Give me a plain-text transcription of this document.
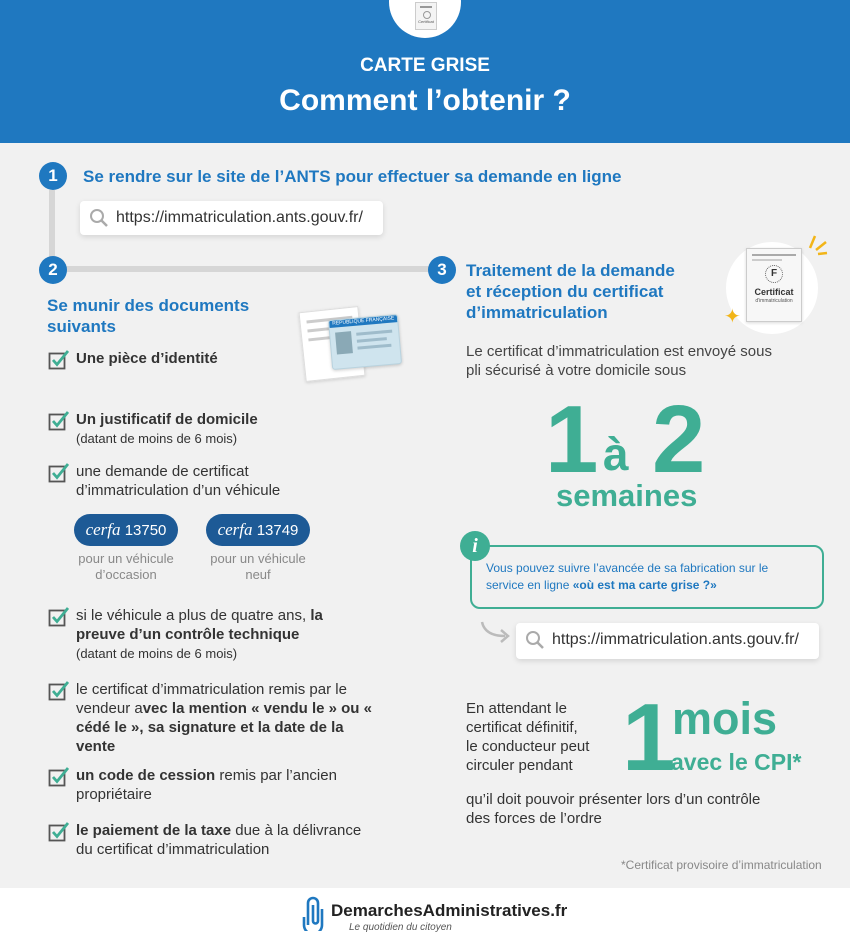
Certificat
CARTE GRISE
Comment l’obtenir ?
1	Se rendre sur le site de l’ANTS pour effectuer sa demande en ligne
https://immatriculation.ants.gouv.fr/
2
Se munir des documents
suivants	REPUBLIQUE FRANÇAISE
Une pièce d’identité
Un justificatif de domicile
(datant de moins de 6 mois)
une demande de certificat
d’immatriculation d’un véhicule
cerfa 13750
pour un véhicule
d’occasion
cerfa 13749
pour un véhicule
neuf
si le véhicule a plus de quatre ans, la
preuve d’un contrôle technique
(datant de moins de 6 mois)
le certificat d’immatriculation remis par le
vendeur avec la mention « vendu le » ou «
cédé le », sa signature et la date de la
vente
un code de cession remis par l’ancien
propriétaire
le paiement de la taxe due à la délivrance
du certificat d’immatriculation
3	Traitement de la demande
et réception du certificat
d’immatriculation
F
Certificat
d'immatriculation
✦
Le certificat d’immatriculation est envoyé sous
pli sécurisé à votre domicile sous
1 à 2
semaines
Vous pouvez suivre l’avancée de sa fabrication sur le
service en ligne «où est ma carte grise ?»
i
https://immatriculation.ants.gouv.fr/
En attendant le
certificat définitif,
le conducteur peut
circuler pendant 1
mois
avec le CPI*
qu’il doit pouvoir présenter lors d’un contrôle
des forces de l’ordre
*Certificat provisoire d’immatriculation
DemarchesAdministratives.fr
Le quotidien du citoyen
